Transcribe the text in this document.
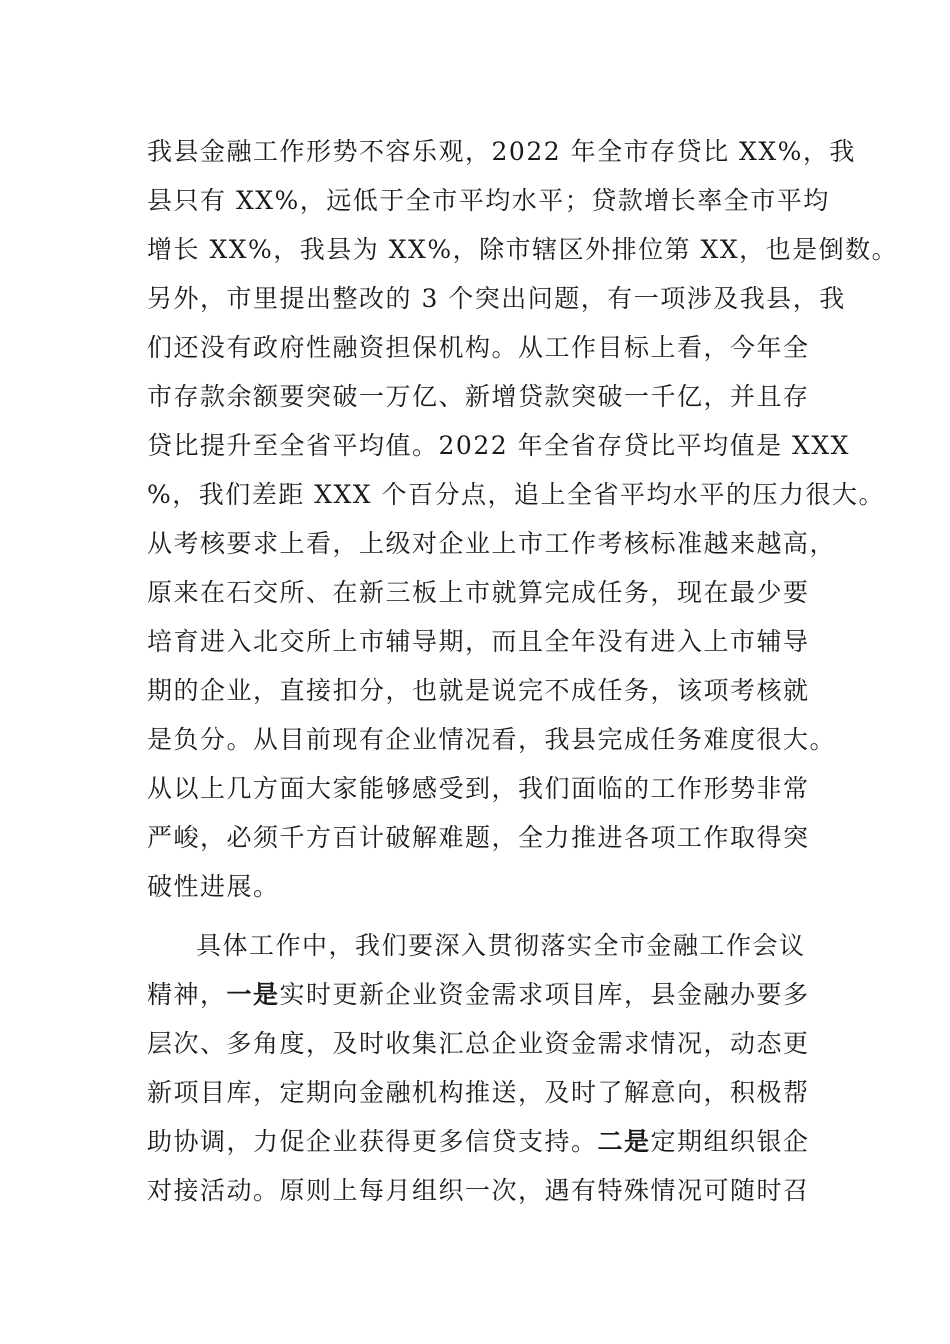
我县金融工作形势不容乐观，2022 年全市存贷比 XX%，我
县只有 XX%，远低于全市平均水平；贷款增长率全市平均
增长 XX%，我县为 XX%，除市辖区外排位第 XX，也是倒数。
另外，市里提出整改的 3 个突出问题，有一项涉及我县，我
们还没有政府性融资担保机构。从工作目标上看，今年全
市存款余额要突破一万亿、新增贷款突破一千亿，并且存
贷比提升至全省平均值。2022 年全省存贷比平均值是 XXX
%，我们差距 XXX 个百分点，追上全省平均水平的压力很大。
从考核要求上看，上级对企业上市工作考核标准越来越高，
原来在石交所、在新三板上市就算完成任务，现在最少要
培育进入北交所上市辅导期，而且全年没有进入上市辅导
期的企业，直接扣分，也就是说完不成任务，该项考核就
是负分。从目前现有企业情况看，我县完成任务难度很大。
从以上几方面大家能够感受到，我们面临的工作形势非常
严峻，必须千方百计破解难题，全力推进各项工作取得突
破性进展。
具体工作中，我们要深入贯彻落实全市金融工作会议
精神，一是实时更新企业资金需求项目库，县金融办要多
层次、多角度，及时收集汇总企业资金需求情况，动态更
新项目库，定期向金融机构推送，及时了解意向，积极帮
助协调，力促企业获得更多信贷支持。二是定期组织银企
对接活动。原则上每月组织一次，遇有特殊情况可随时召
